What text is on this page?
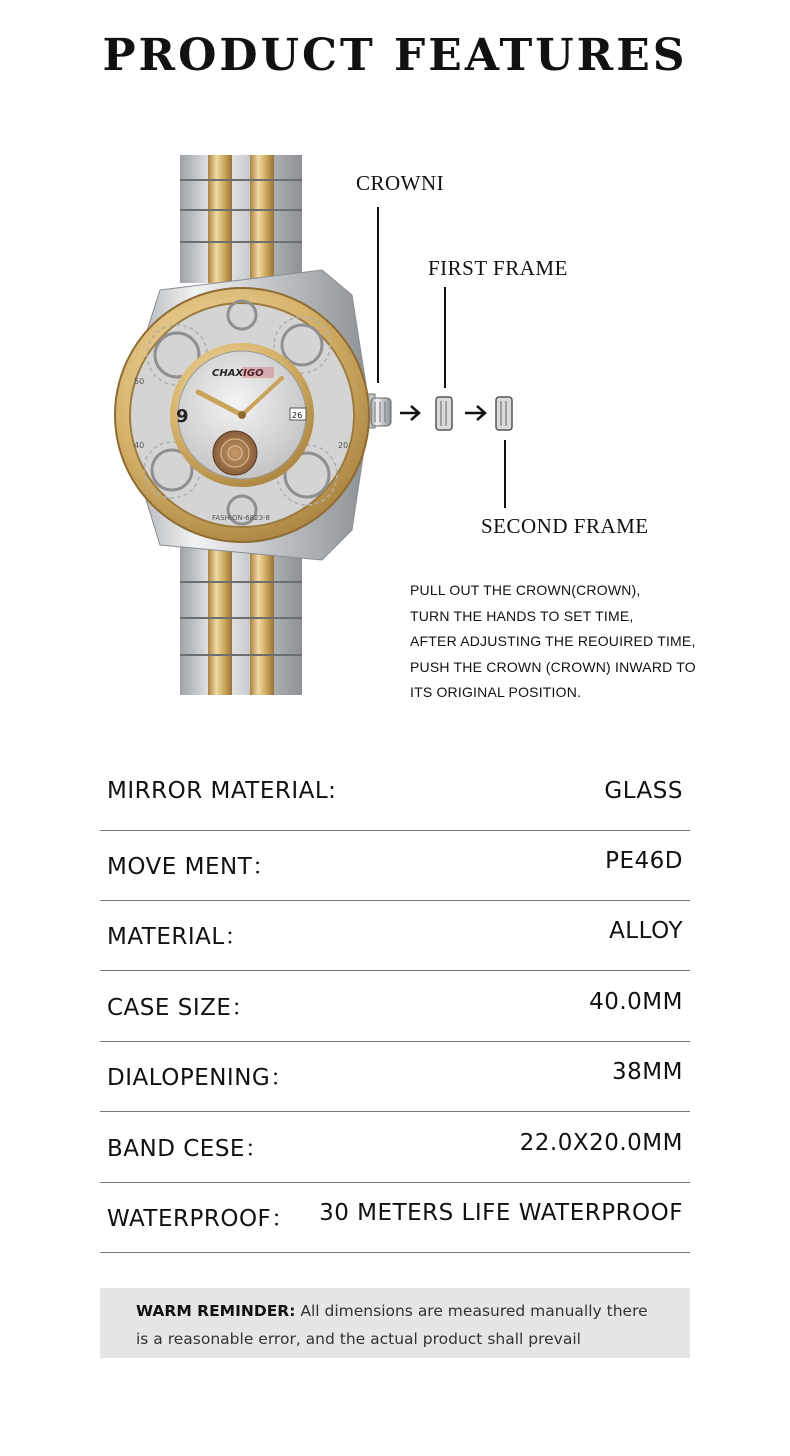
PRODUCT FEATURES
50
40	20
CHAXIGO
9	26
FASHION-6823-8
CROWNI
FIRST FRAME
SECOND FRAME
PULL OUT THE CROWN(CROWN),
TURN THE HANDS TO SET TIME,
AFTER ADJUSTING THE REOUIRED TIME,
PUSH THE CROWN (CROWN) INWARD TO
ITS ORIGINAL POSITION.
MIRROR MATERIAL:	GLASS
MOVE MENT：	PE46D
MATERIAL：	ALLOY
CASE SIZE：	40.0MM
DIALOPENING：	38MM
BAND CESE：	22.0X20.0MM
WATERPROOF： 30 METERS LIFE WATERPROOF
WARM REMINDER: All dimensions are measured manually there
is a reasonable error, and the actual product shall prevail
